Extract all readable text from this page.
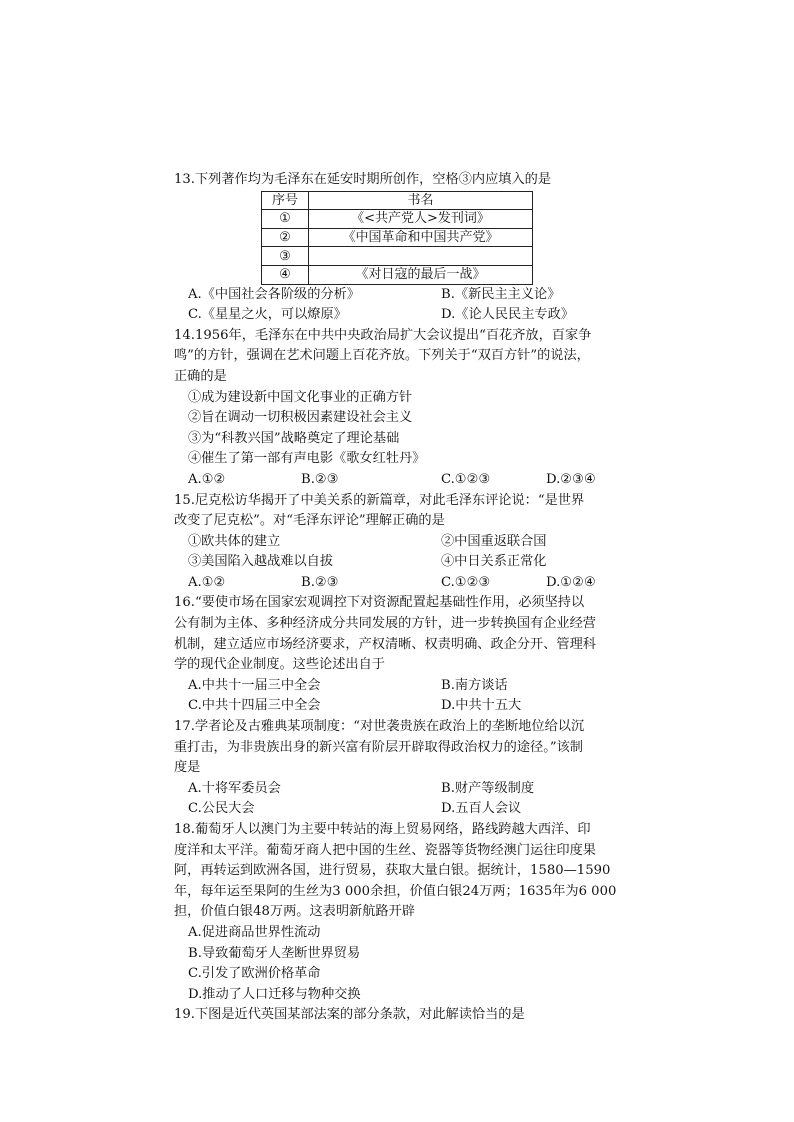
13.下列著作均为毛泽东在延安时期所创作，空格③内应填入的是
序号	书名
①	《<共产党人>发刊词》
②	《中国革命和中国共产党》
③	
④	《对日寇的最后一战》
A.《中国社会各阶级的分析》	B.《新民主主义论》
C.《星星之火，可以燎原》	D.《论人民民主专政》
14.1956年，毛泽东在中共中央政治局扩大会议提出“百花齐放，百家争
鸣”的方针，强调在艺术问题上百花齐放。下列关于“双百方针”的说法，
正确的是
①成为建设新中国文化事业的正确方针
②旨在调动一切积极因素建设社会主义
③为“科教兴国”战略奠定了理论基础
④催生了第一部有声电影《歌女红牡丹》
A.①②	B.②③	C.①②③	D.②③④
15.尼克松访华揭开了中美关系的新篇章，对此毛泽东评论说：“是世界
改变了尼克松”。对“毛泽东评论”理解正确的是
①欧共体的建立	②中国重返联合国
③美国陷入越战难以自拔	④中日关系正常化
A.①②	B.②③	C.①②③	D.①②④
16.“要使市场在国家宏观调控下对资源配置起基础性作用，必须坚持以
公有制为主体、多种经济成分共同发展的方针，进一步转换国有企业经营
机制，建立适应市场经济要求，产权清晰、权责明确、政企分开、管理科
学的现代企业制度。这些论述出自于
A.中共十一届三中全会	B.南方谈话
C.中共十四届三中全会	D.中共十五大
17.学者论及古雅典某项制度：“对世袭贵族在政治上的垄断地位给以沉
重打击，为非贵族出身的新兴富有阶层开辟取得政治权力的途径。”该制
度是
A.十将军委员会	B.财产等级制度
C.公民大会	D.五百人会议
18.葡萄牙人以澳门为主要中转站的海上贸易网络，路线跨越大西洋、印
度洋和太平洋。葡萄牙商人把中国的生丝、瓷器等货物经澳门运往印度果
阿，再转运到欧洲各国，进行贸易，获取大量白银。据统计，1580—1590
年，每年运至果阿的生丝为3 000余担，价值白银24万两；1635年为6 000
担，价值白银48万两。这表明新航路开辟
A.促进商品世界性流动
B.导致葡萄牙人垄断世界贸易
C.引发了欧洲价格革命
D.推动了人口迁移与物种交换
19.下图是近代英国某部法案的部分条款，对此解读恰当的是
